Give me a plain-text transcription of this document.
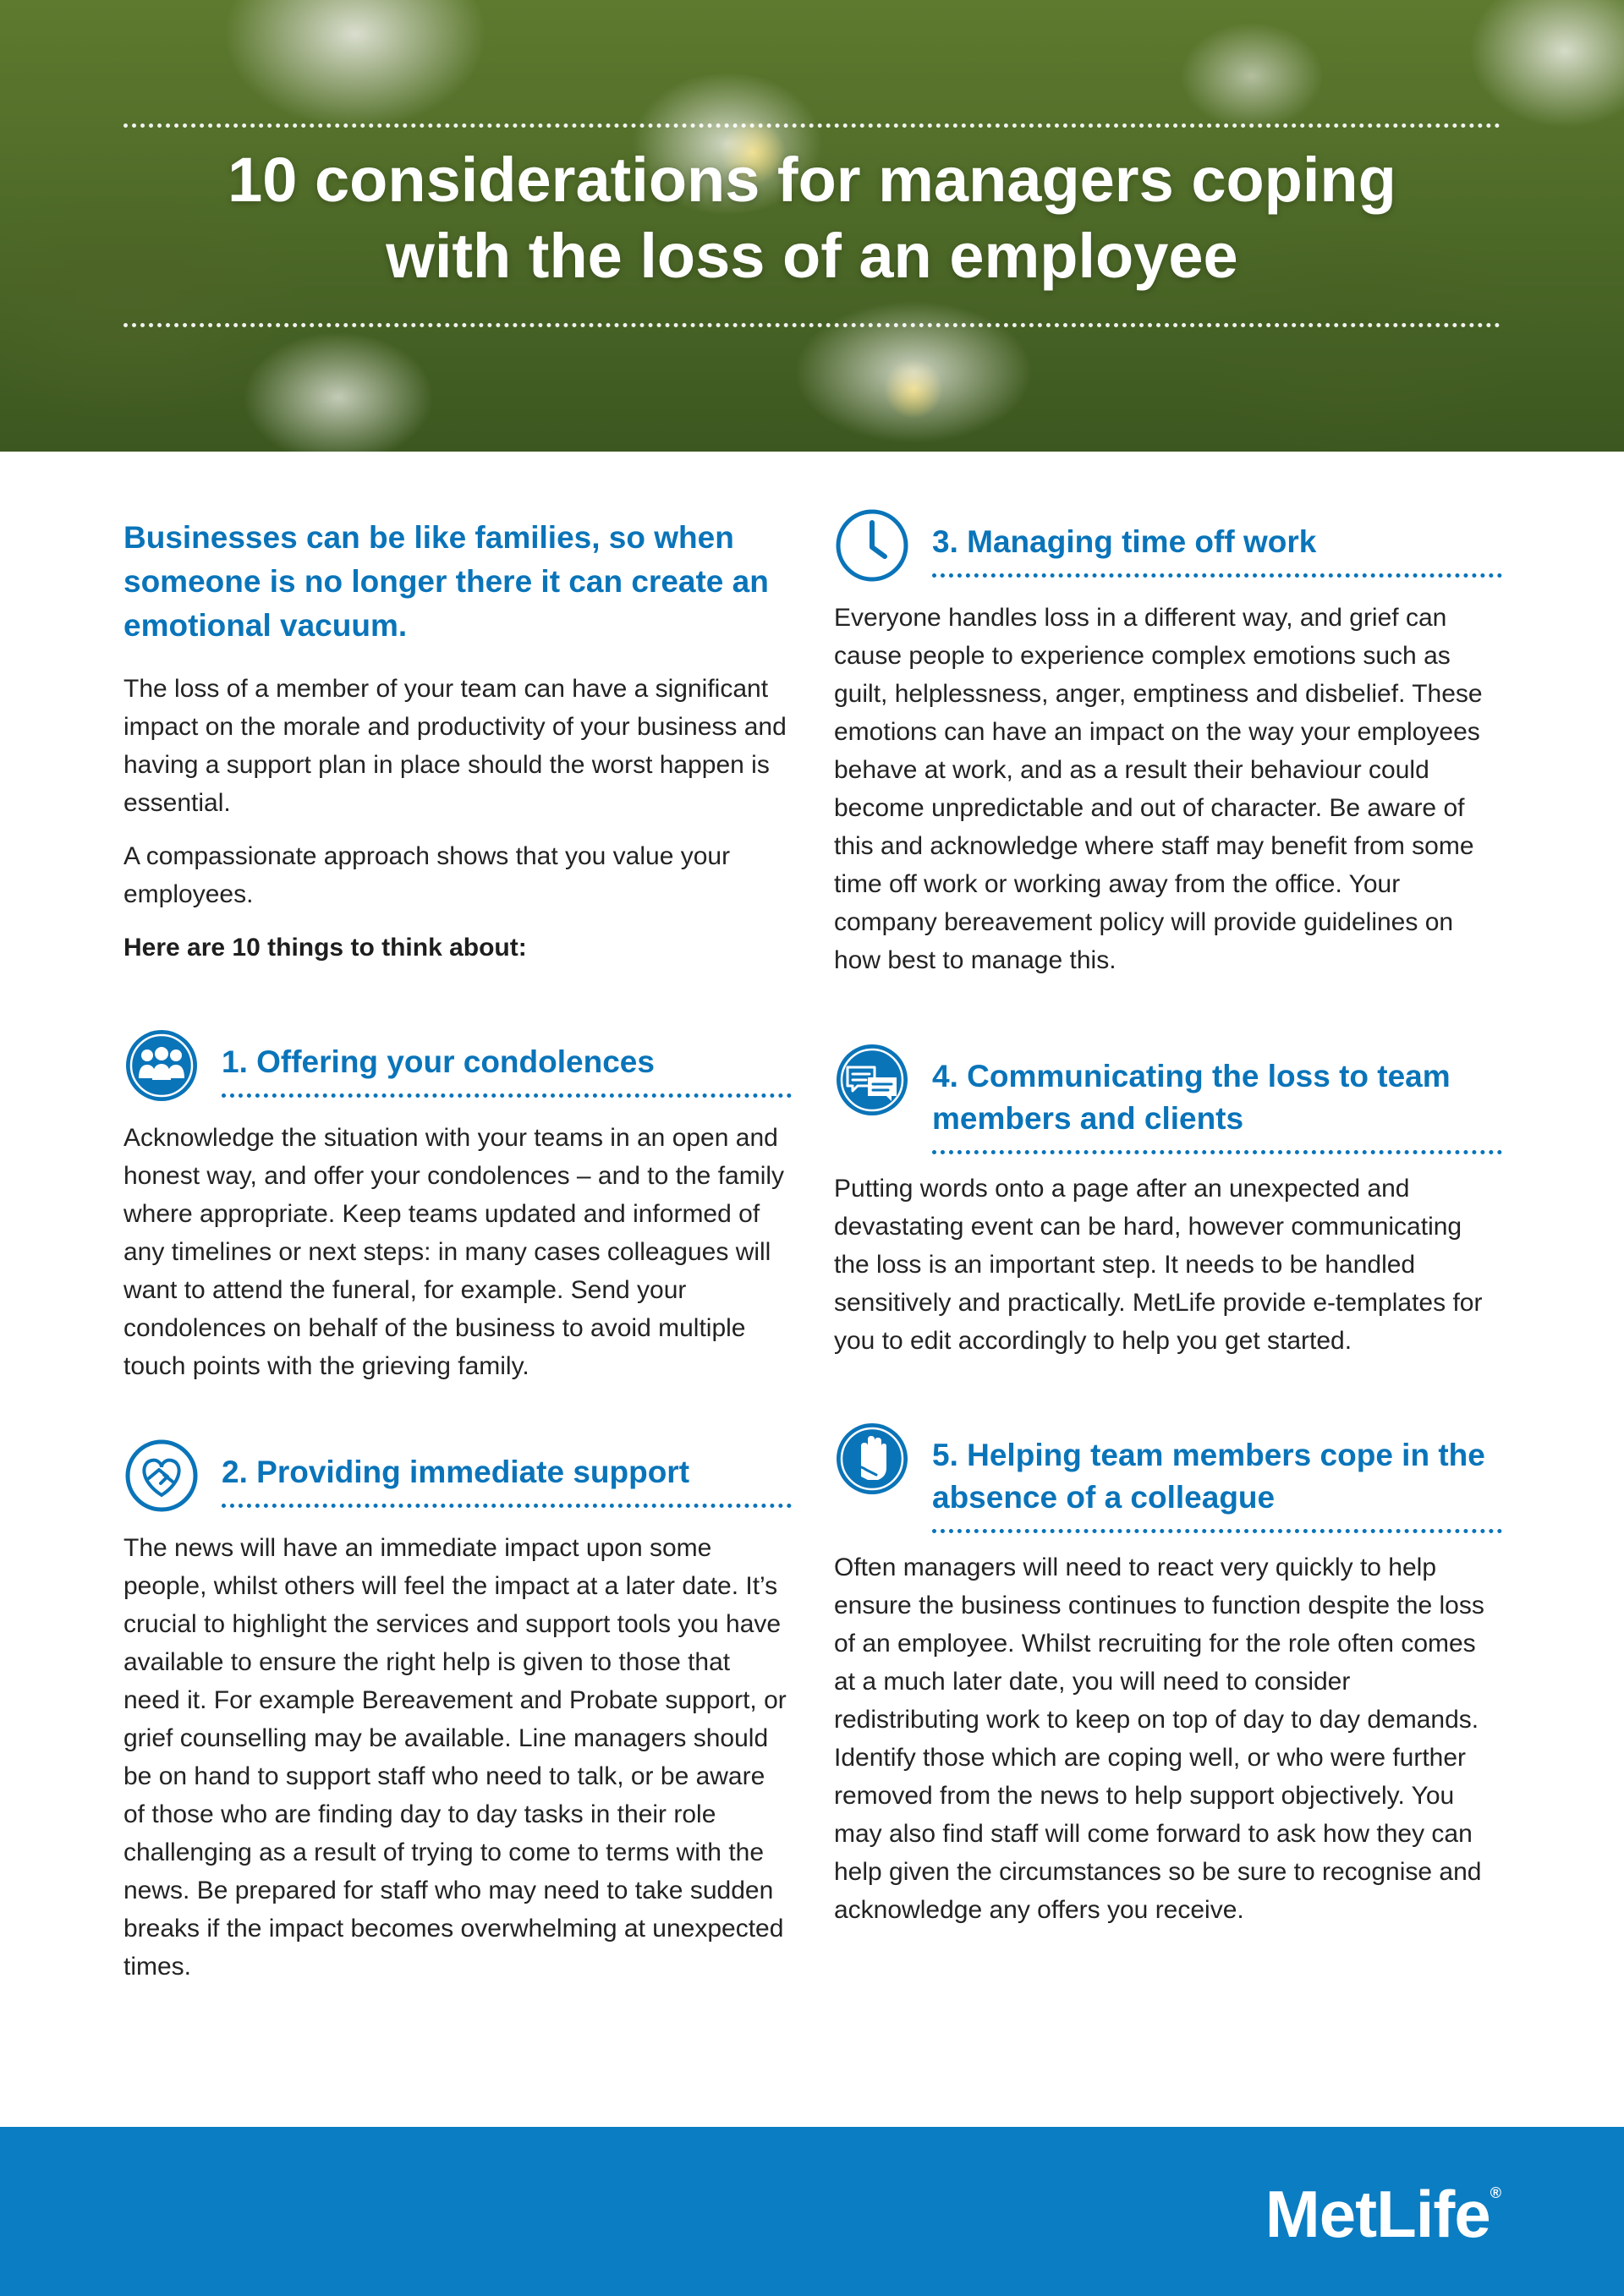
10 considerations for managers coping
with the loss of an employee
Businesses can be like families, so when someone is no longer there it can create an emotional vacuum.

The loss of a member of your team can have a significant impact on the morale and productivity of your business and having a support plan in place should the worst happen is essential.

A compassionate approach shows that you value your employees.

Here are 10 things to think about:

1. Offering your condolences

Acknowledge the situation with your teams in an open and honest way, and offer your condolences – and to the family where appropriate. Keep teams updated and informed of any timelines or next steps: in many cases colleagues will want to attend the funeral, for example. Send your condolences on behalf of the business to avoid multiple touch points with the grieving family.

2. Providing immediate support

The news will have an immediate impact upon some people, whilst others will feel the impact at a later date. It’s crucial to highlight the services and support tools you have available to ensure the right help is given to those that need it. For example Bereavement and Probate support, or grief counselling may be available. Line managers should be on hand to support staff who need to talk, or be aware of those who are finding day to day tasks in their role challenging as a result of trying to come to terms with the news. Be prepared for staff who may need to take sudden breaks if the impact becomes overwhelming at unexpected times.

3. Managing time off work

Everyone handles loss in a different way, and grief can cause people to experience complex emotions such as guilt, helplessness, anger, emptiness and disbelief. These emotions can have an impact on the way your employees behave at work, and as a result their behaviour could become unpredictable and out of character. Be aware of this and acknowledge where staff may benefit from some time off work or working away from the office. Your company bereavement policy will provide guidelines on how best to manage this.

4. Communicating the loss to team members and clients

Putting words onto a page after an unexpected and devastating event can be hard, however communicating the loss is an important step. It needs to be handled sensitively and practically. MetLife provide e-templates for you to edit accordingly to help you get started.

5. Helping team members cope in the absence of a colleague

Often managers will need to react very quickly to help ensure the business continues to function despite the loss of an employee. Whilst recruiting for the role often comes at a much later date, you will need to consider redistributing work to keep on top of day to day demands. Identify those which are coping well, or who were further removed from the news to help support objectively. You may also find staff will come forward to ask how they can help given the circumstances so be sure to recognise and acknowledge any offers you receive.

MetLife®
